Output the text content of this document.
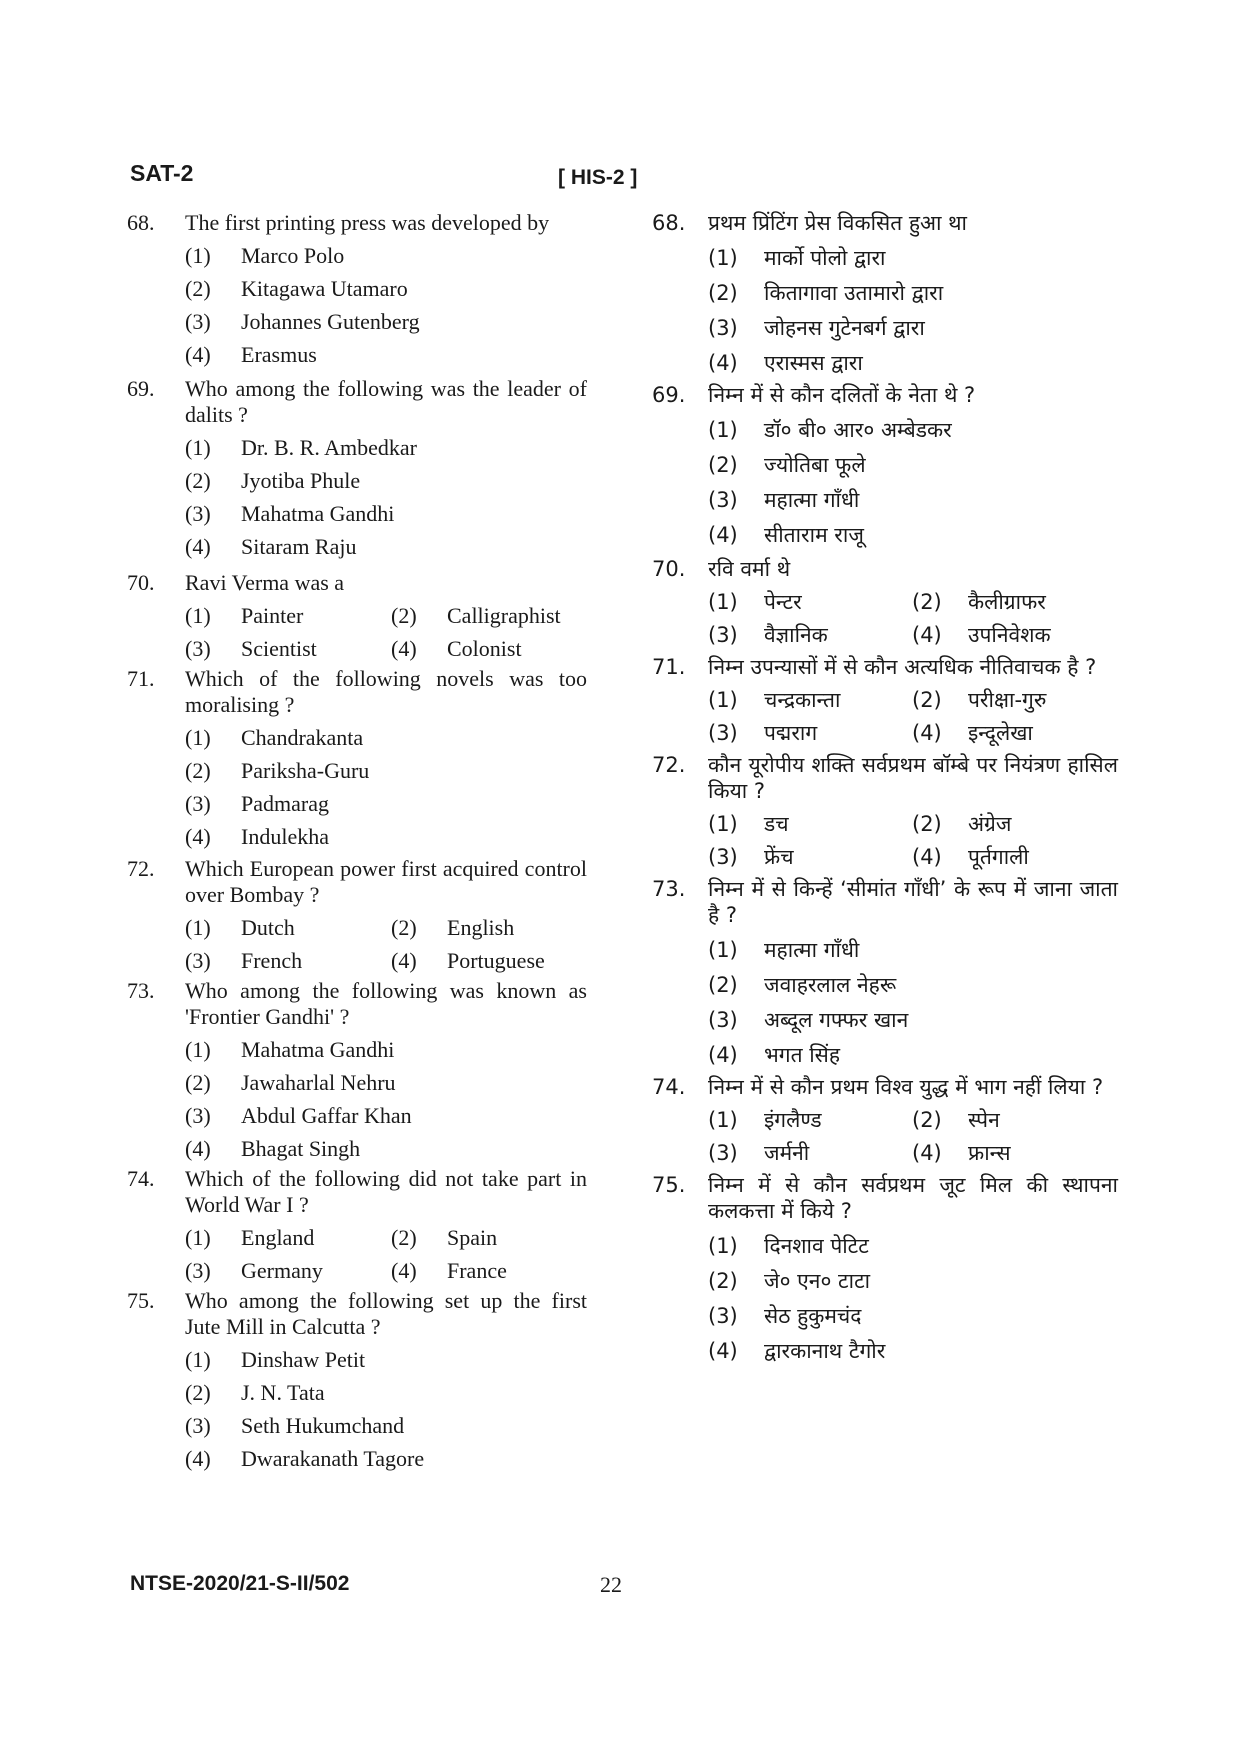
SAT-2	[ HIS-2 ]
68.	The first printing press was developed by
(1)	Marco Polo
(2)	Kitagawa Utamaro
(3)	Johannes Gutenberg
(4)	Erasmus
69.	Who among the following was the leader of dalits ?
(1)	Dr. B. R. Ambedkar
(2)	Jyotiba Phule
(3)	Mahatma Gandhi
(4)	Sitaram Raju
70.	Ravi Verma was a
(1)	Painter	(2)	Calligraphist
(3)	Scientist	(4)	Colonist
71.	Which of the following novels was too moralising ?
(1)	Chandrakanta
(2)	Pariksha-Guru
(3)	Padmarag
(4)	Indulekha
72.	Which European power first acquired control over Bombay ?
(1)	Dutch	(2)	English
(3)	French	(4)	Portuguese
73.	Who among the following was known as 'Frontier Gandhi' ?
(1)	Mahatma Gandhi
(2)	Jawaharlal Nehru
(3)	Abdul Gaffar Khan
(4)	Bhagat Singh
74.	Which of the following did not take part in World War I ?
(1)	England	(2)	Spain
(3)	Germany	(4)	France
75.	Who among the following set up the first Jute Mill in Calcutta ?
(1)	Dinshaw Petit
(2)	J. N. Tata
(3)	Seth Hukumchand
(4)	Dwarakanath Tagore
68.	प्रथम प्रिंटिंग प्रेस विकसित हुआ था
(1)	मार्को पोलो द्वारा
(2)	कितागावा उतामारो द्वारा
(3)	जोहनस गुटेनबर्ग द्वारा
(4)	एरास्मस द्वारा
69.	निम्न में से कौन दलितों के नेता थे ?
(1)	डॉ० बी० आर० अम्बेडकर
(2)	ज्योतिबा फूले
(3)	महात्मा गाँधी
(4)	सीताराम राजू
70.	रवि वर्मा थे
(1)	पेन्टर	(2)	कैलीग्राफर
(3)	वैज्ञानिक	(4)	उपनिवेशक
71.	निम्न उपन्यासों में से कौन अत्यधिक नीतिवाचक है ?
(1)	चन्द्रकान्ता	(2)	परीक्षा-गुरु
(3)	पद्मराग	(4)	इन्दूलेखा
72.	कौन यूरोपीय शक्ति सर्वप्रथम बॉम्बे पर नियंत्रण हासिल किया ?
(1)	डच	(2)	अंग्रेज
(3)	फ्रेंच	(4)	पूर्तगाली
73.	निम्न में से किन्हें ‘सीमांत गाँधी’ के रूप में जाना जाता है ?
(1)	महात्मा गाँधी
(2)	जवाहरलाल नेहरू
(3)	अब्दूल गफ्फर खान
(4)	भगत सिंह
74.	निम्न में से कौन प्रथम विश्व युद्ध में भाग नहीं लिया ?
(1)	इंगलैण्ड	(2)	स्पेन
(3)	जर्मनी	(4)	फ्रान्स
75.	निम्न में से कौन सर्वप्रथम जूट मिल की स्थापना कलकत्ता में किये ?
(1)	दिनशाव पेटिट
(2)	जे० एन० टाटा
(3)	सेठ हुकुमचंद
(4)	द्वारकानाथ टैगोर
NTSE-2020/21-S-II/502	22
